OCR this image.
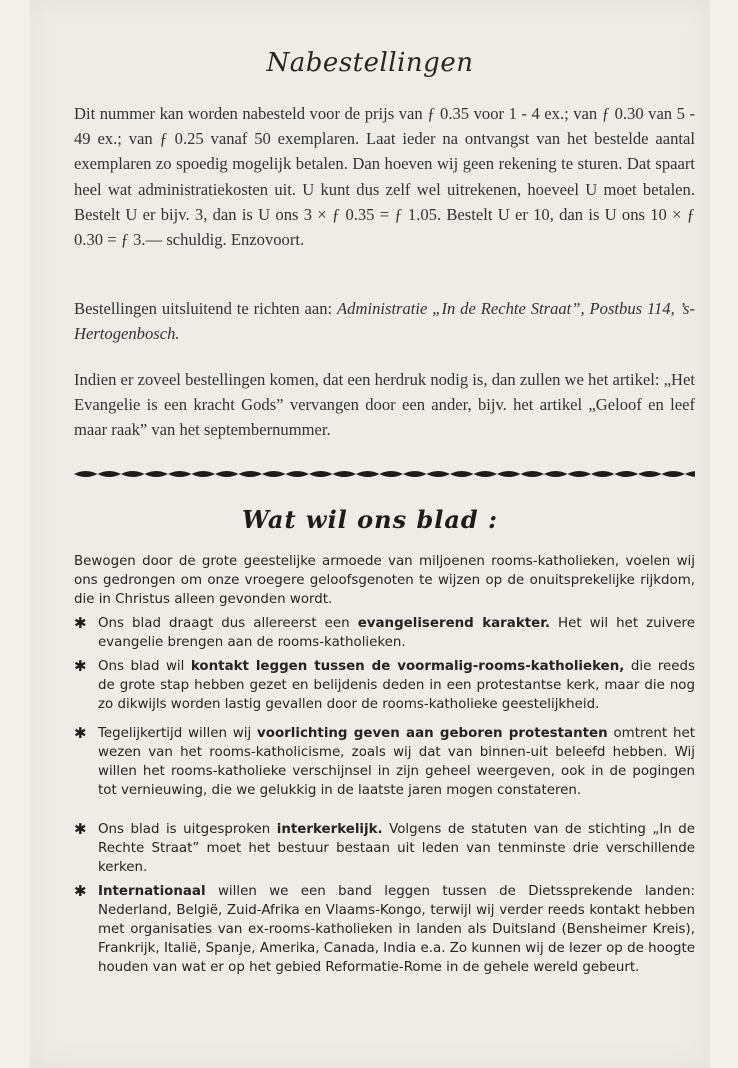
Nabestellingen
Dit nummer kan worden nabesteld voor de prijs van ƒ 0.35 voor 1 - 4 ex.; van ƒ 0.30 van 5 - 49 ex.; van ƒ 0.25 vanaf 50 exemplaren. Laat ieder na ontvangst van het bestelde aantal exemplaren zo spoedig mogelijk betalen. Dan hoeven wij geen rekening te sturen. Dat spaart heel wat administratiekosten uit. U kunt dus zelf wel uitrekenen, hoeveel U moet betalen. Bestelt U er bijv. 3, dan is U ons 3 × ƒ 0.35 = ƒ 1.05. Bestelt U er 10, dan is U ons 10 × ƒ 0.30 = ƒ 3.— schuldig. Enzovoort.
Bestellingen uitsluitend te richten aan: Administratie „In de Rechte Straat”, Postbus 114, ’s-Hertogenbosch.
Indien er zoveel bestellingen komen, dat een herdruk nodig is, dan zullen we het artikel: „Het Evangelie is een kracht Gods” vervangen door een ander, bijv. het artikel „Geloof en leef maar raak” van het septembernummer.
Wat wil ons blad :
Bewogen door de grote geestelijke armoede van miljoenen rooms-katholieken, voelen wij ons gedrongen om onze vroegere geloofsgenoten te wijzen op de onuitsprekelijke rijkdom, die in Christus alleen gevonden wordt.
✱ Ons blad draagt dus allereerst een evangeliserend karakter. Het wil het zuivere evangelie brengen aan de rooms-katholieken.
✱ Ons blad wil kontakt leggen tussen de voormalig-rooms-katholieken, die reeds de grote stap hebben gezet en belijdenis deden in een protestantse kerk, maar die nog zo dikwijls worden lastig gevallen door de rooms-katholieke geestelijkheid.
✱ Tegelijkertijd willen wij voorlichting geven aan geboren protestanten omtrent het wezen van het rooms-katholicisme, zoals wij dat van binnen-uit beleefd hebben. Wij willen het rooms-katholieke verschijnsel in zijn geheel weergeven, ook in de pogingen tot vernieuwing, die we gelukkig in de laatste jaren mogen constateren.
✱ Ons blad is uitgesproken interkerkelijk. Volgens de statuten van de stichting „In de Rechte Straat” moet het bestuur bestaan uit leden van tenminste drie verschillende kerken.
✱ Internationaal willen we een band leggen tussen de Dietssprekende landen: Nederland, België, Zuid-Afrika en Vlaams-Kongo, terwijl wij verder reeds kontakt hebben met organisaties van ex-rooms-katholieken in landen als Duitsland (Bensheimer Kreis), Frankrijk, Italië, Spanje, Amerika, Canada, India e.a. Zo kunnen wij de lezer op de hoogte houden van wat er op het gebied Reformatie-Rome in de gehele wereld gebeurt.
